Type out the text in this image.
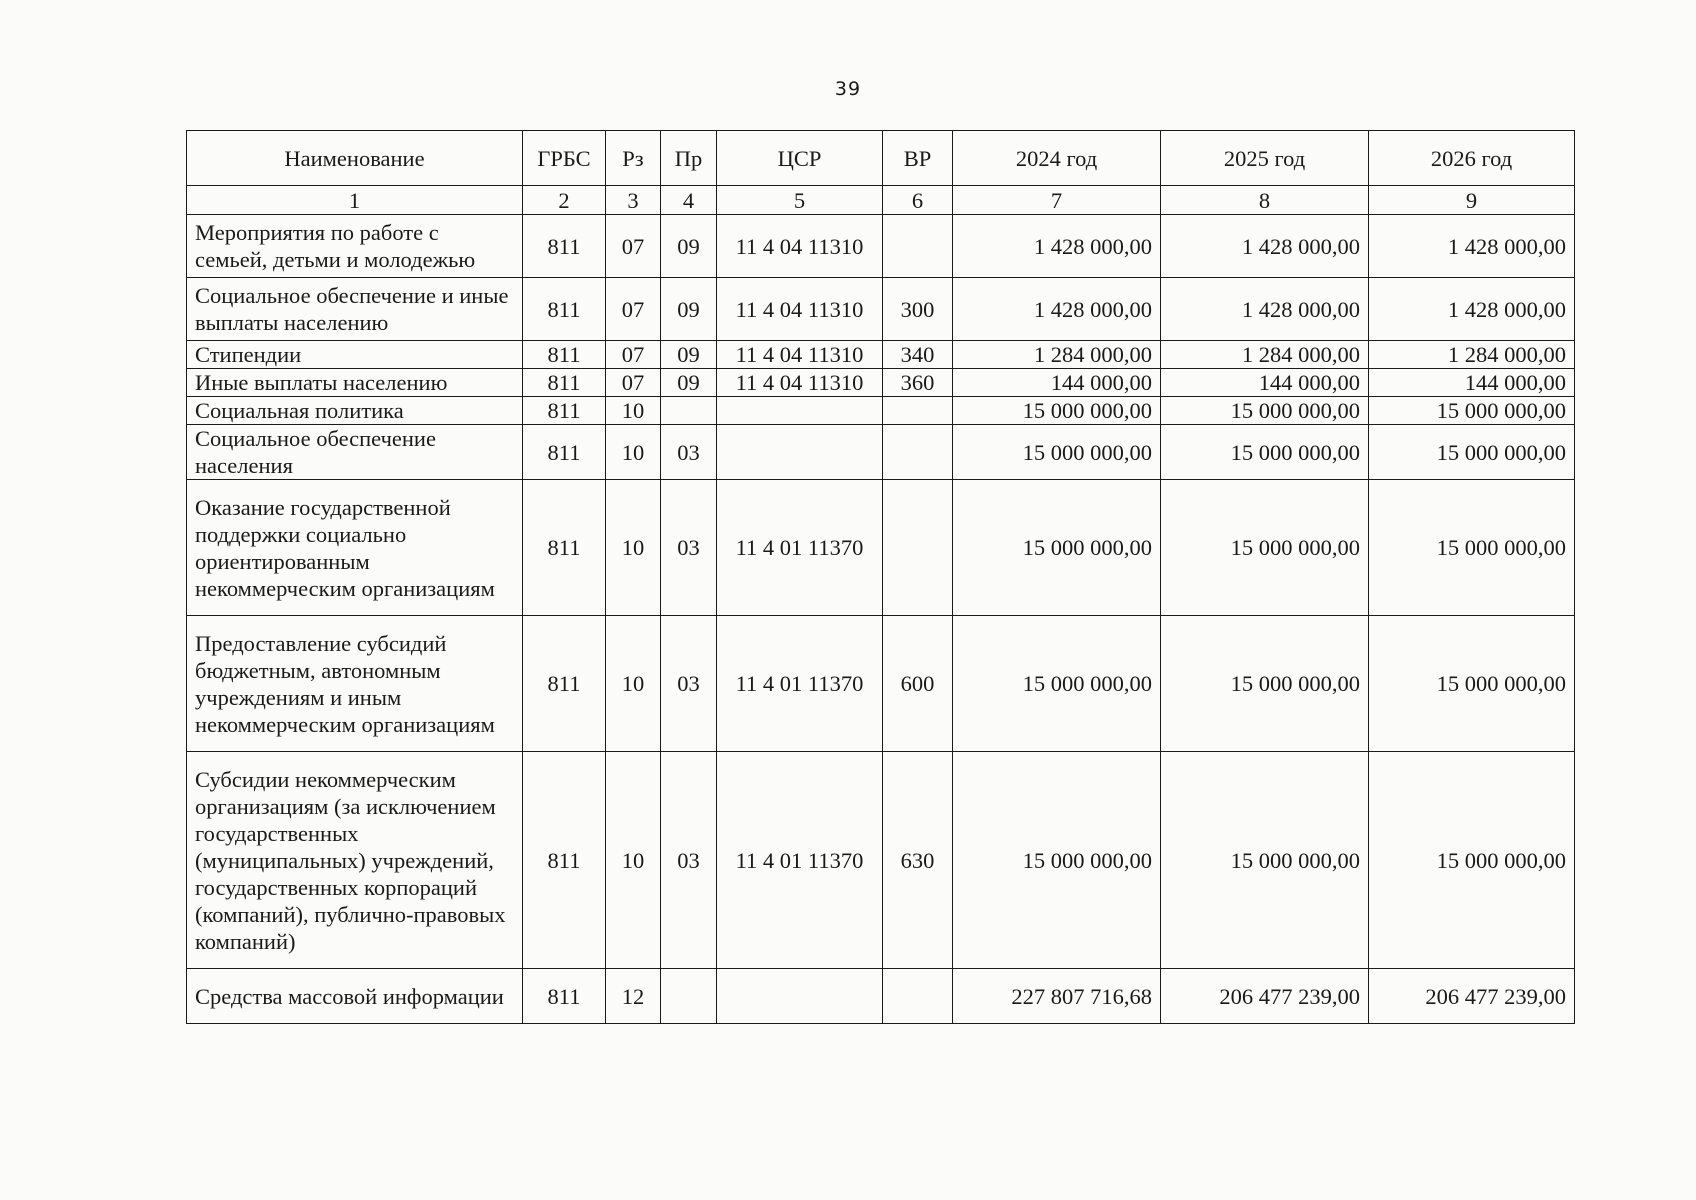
39
Наименование	ГРБС	Рз	Пр	ЦСР	ВР	2024 год	2025 год	2026 год
1	2	3	4	5	6	7	8	9
Мероприятия по работе с семьей, детьми и молодежью	811	07	09	11 4 04 11310		1 428 000,00	1 428 000,00	1 428 000,00
Социальное обеспечение и иные выплаты населению	811	07	09	11 4 04 11310	300	1 428 000,00	1 428 000,00	1 428 000,00
Стипендии	811	07	09	11 4 04 11310	340	1 284 000,00	1 284 000,00	1 284 000,00
Иные выплаты населению	811	07	09	11 4 04 11310	360	144 000,00	144 000,00	144 000,00
Социальная политика	811	10				15 000 000,00	15 000 000,00	15 000 000,00
Социальное обеспечение населения	811	10	03			15 000 000,00	15 000 000,00	15 000 000,00
Оказание государственной поддержки социально ориентированным некоммерческим организациям	811	10	03	11 4 01 11370		15 000 000,00	15 000 000,00	15 000 000,00
Предоставление субсидий бюджетным, автономным учреждениям и иным некоммерческим организациям	811	10	03	11 4 01 11370	600	15 000 000,00	15 000 000,00	15 000 000,00
Субсидии некоммерческим организациям (за исключением государственных (муниципальных) учреждений, государственных корпораций (компаний), публично-правовых компаний)	811	10	03	11 4 01 11370	630	15 000 000,00	15 000 000,00	15 000 000,00
Средства массовой информации	811	12				227 807 716,68	206 477 239,00	206 477 239,00
